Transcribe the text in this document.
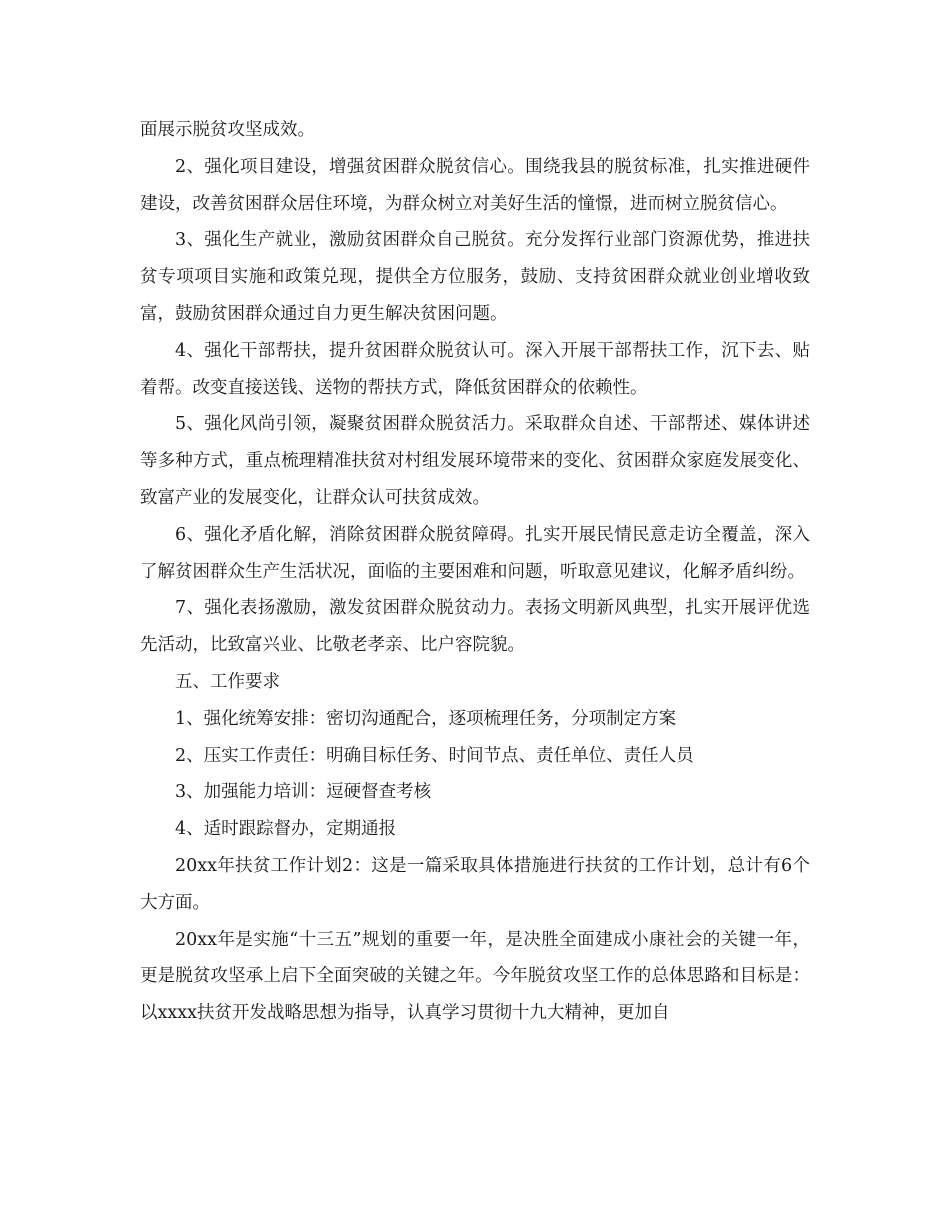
面展示脱贫攻坚成效。

2、强化项目建设，增强贫困群众脱贫信心。围绕我县的脱贫标准，扎实推进硬件建设，改善贫困群众居住环境，为群众树立对美好生活的憧憬，进而树立脱贫信心。

3、强化生产就业，激励贫困群众自己脱贫。充分发挥行业部门资源优势，推进扶贫专项项目实施和政策兑现，提供全方位服务，鼓励、支持贫困群众就业创业增收致富，鼓励贫困群众通过自力更生解决贫困问题。

4、强化干部帮扶，提升贫困群众脱贫认可。深入开展干部帮扶工作，沉下去、贴着帮。改变直接送钱、送物的帮扶方式，降低贫困群众的依赖性。

5、强化风尚引领，凝聚贫困群众脱贫活力。采取群众自述、干部帮述、媒体讲述等多种方式，重点梳理精准扶贫对村组发展环境带来的变化、贫困群众家庭发展变化、致富产业的发展变化，让群众认可扶贫成效。

6、强化矛盾化解，消除贫困群众脱贫障碍。扎实开展民情民意走访全覆盖，深入了解贫困群众生产生活状况，面临的主要困难和问题，听取意见建议，化解矛盾纠纷。

7、强化表扬激励，激发贫困群众脱贫动力。表扬文明新风典型，扎实开展评优选先活动，比致富兴业、比敬老孝亲、比户容院貌。

五、工作要求

1、强化统筹安排：密切沟通配合，逐项梳理任务，分项制定方案

2、压实工作责任：明确目标任务、时间节点、责任单位、责任人员

3、加强能力培训：逗硬督查考核

4、适时跟踪督办，定期通报

20xx年扶贫工作计划2：这是一篇采取具体措施进行扶贫的工作计划，总计有6个大方面。

20xx年是实施“十三五”规划的重要一年，是决胜全面建成小康社会的关键一年，更是脱贫攻坚承上启下全面突破的关键之年。今年脱贫攻坚工作的总体思路和目标是：以xxxx扶贫开发战略思想为指导，认真学习贯彻十九大精神，更加自
